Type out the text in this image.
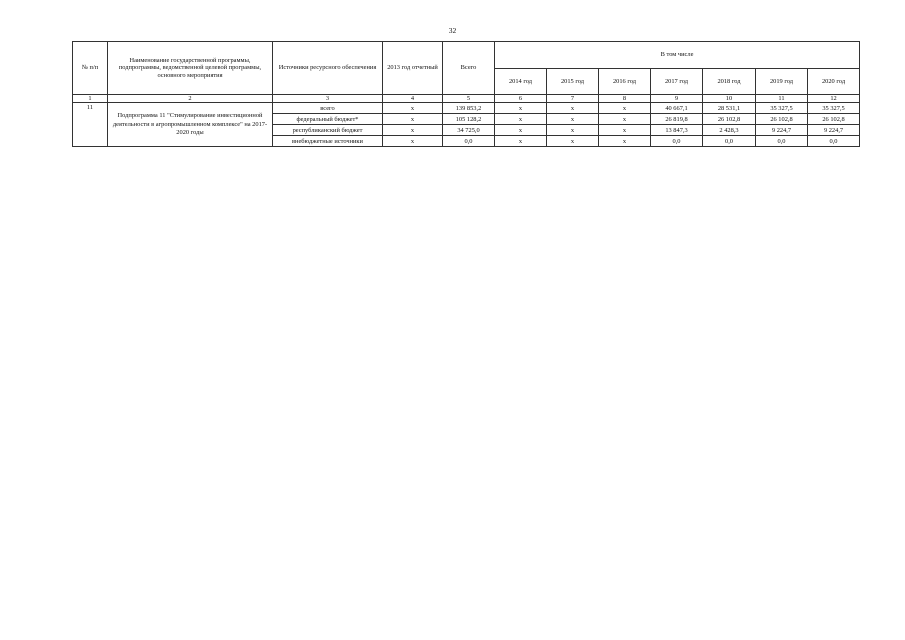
32
№ п/п	Наименование государственной программы, подпрограммы, ведомственной целевой программы, основного мероприятия	Источники ресурсного обеспечения	2013 год отчетный	Всего	В том числе						
					2014 год	2015 год	2016 год	2017 год	2018 год	2019 год	2020 год
1	2	3	4	5	6	7	8	9	10	11	12
11	Подпрограмма 11 "Стимулирование инвестиционной деятельности в агропромышленном комплексе" на 2017-2020 годы	всего	x	139 853,2	x	x	x	40 667,1	28 531,1	35 327,5	35 327,5
		федеральный бюджет*	x	105 128,2	x	x	x	26 819,8	26 102,8	26 102,8	26 102,8
		республиканский бюджет	x	34 725,0	x	x	x	13 847,3	2 428,3	9 224,7	9 224,7
		внебюджетные источники	x	0,0	x	x	x	0,0	0,0	0,0	0,0
